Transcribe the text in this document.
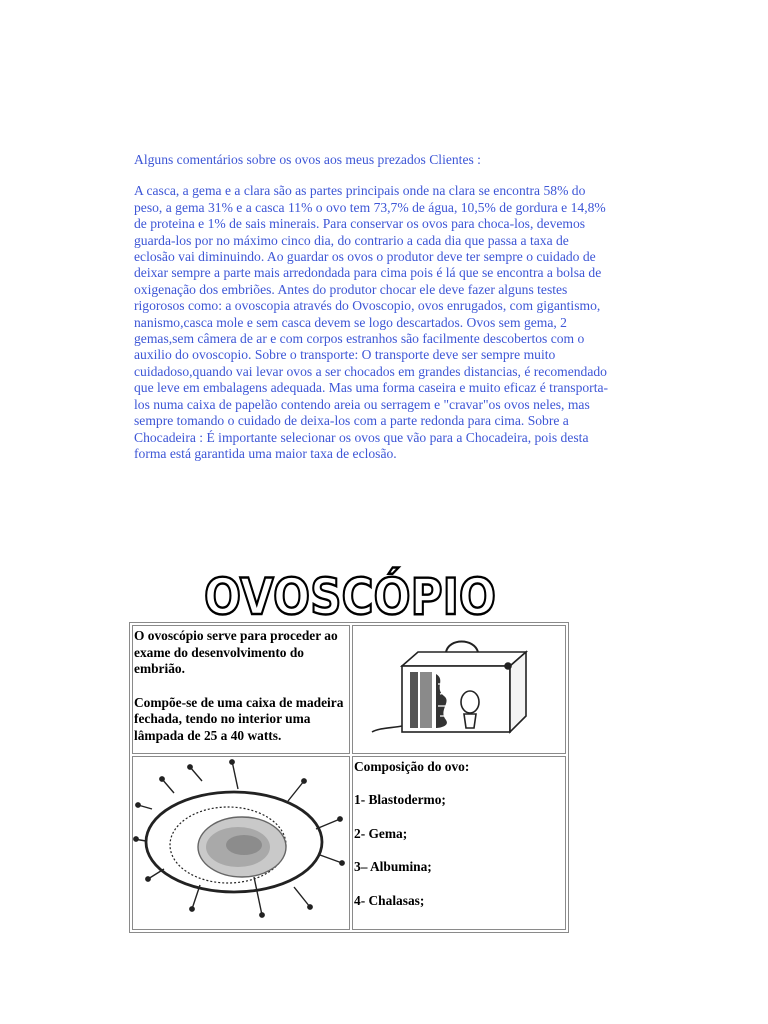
Alguns comentários sobre os ovos aos meus prezados Clientes :

A casca, a gema e a clara são as partes principais onde na clara se encontra 58% do peso, a gema 31% e a casca 11% o ovo tem 73,7% de água, 10,5% de gordura e 14,8% de proteina e 1% de sais minerais. Para conservar os ovos para choca-los, devemos guarda-los por no máximo cinco dia, do contrario a cada dia que passa a taxa de eclosão vai diminuindo. Ao guardar os ovos o produtor deve ter sempre o cuidado de deixar sempre a parte mais arredondada para cima pois é lá que se encontra a bolsa de oxigenação dos embriões. Antes do produtor chocar ele deve fazer alguns testes rigorosos como: a ovoscopia através do Ovoscopio, ovos enrugados, com gigantismo, nanismo,casca mole e sem casca devem se logo descartados. Ovos sem gema, 2 gemas,sem câmera de ar e com corpos estranhos são facilmente descobertos com o auxilio do ovoscopio. Sobre o transporte: O transporte deve ser sempre muito cuidadoso,quando vai levar ovos a ser chocados em grandes distancias, é recomendado que leve em embalagens adequada. Mas uma forma caseira e muito eficaz é transporta-los numa caixa de papelão contendo areia ou serragem e "cravar"os ovos neles, mas sempre tomando o cuidado de deixa-los com a parte redonda para cima. Sobre a Chocadeira : É importante selecionar os ovos que vão para a Chocadeira, pois desta forma está garantida uma maior taxa de eclosão.

OVOSCÓPIO

O ovoscópio serve para proceder ao exame do desenvolvimento do embrião.

Compõe-se de uma caixa de madeira fechada, tendo no interior uma lâmpada de 25 a 40 watts.

Composição do ovo:

1- Blastodermo;

2- Gema;

3– Albumina;

4- Chalasas;
